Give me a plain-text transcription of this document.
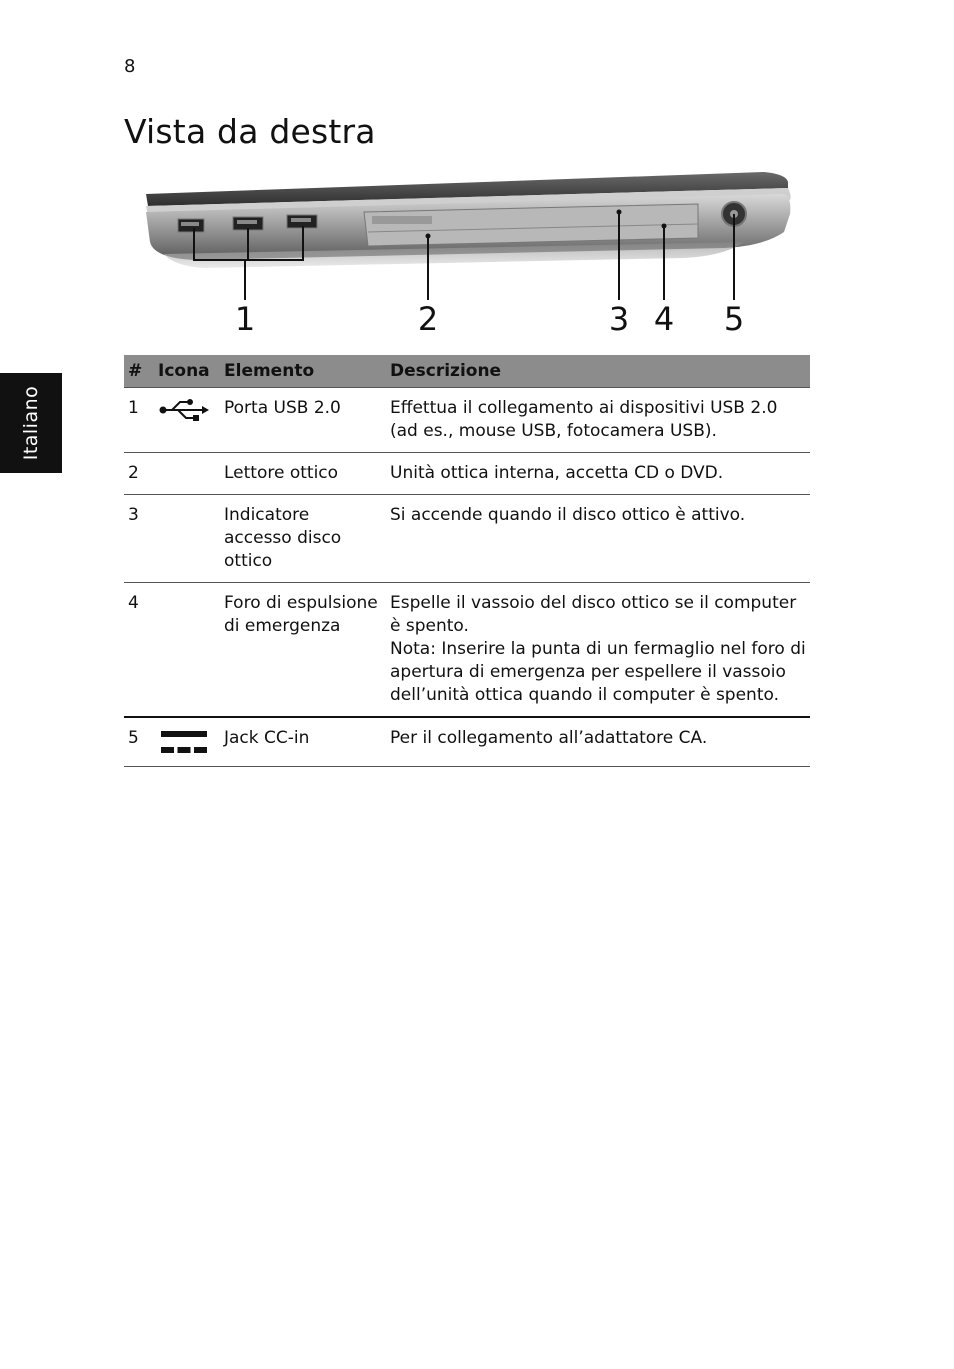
8
Vista da destra
Italiano
1	2	3 4 5
#	Icona	Elemento	Descrizione
1		Porta USB 2.0	Effettua il collegamento ai dispositivi USB 2.0 (ad es., mouse USB, fotocamera USB).
2		Lettore ottico	Unità ottica interna, accetta CD o DVD.
3		Indicatore accesso disco ottico	Si accende quando il disco ottico è attivo.
4		Foro di espulsione di emergenza	Espelle il vassoio del disco ottico se il computer è spento.
Nota: Inserire la punta di un fermaglio nel foro di apertura di emergenza per espellere il vassoio dell’unità ottica quando il computer è spento.
5		Jack CC-in	Per il collegamento all’adattatore CA.
